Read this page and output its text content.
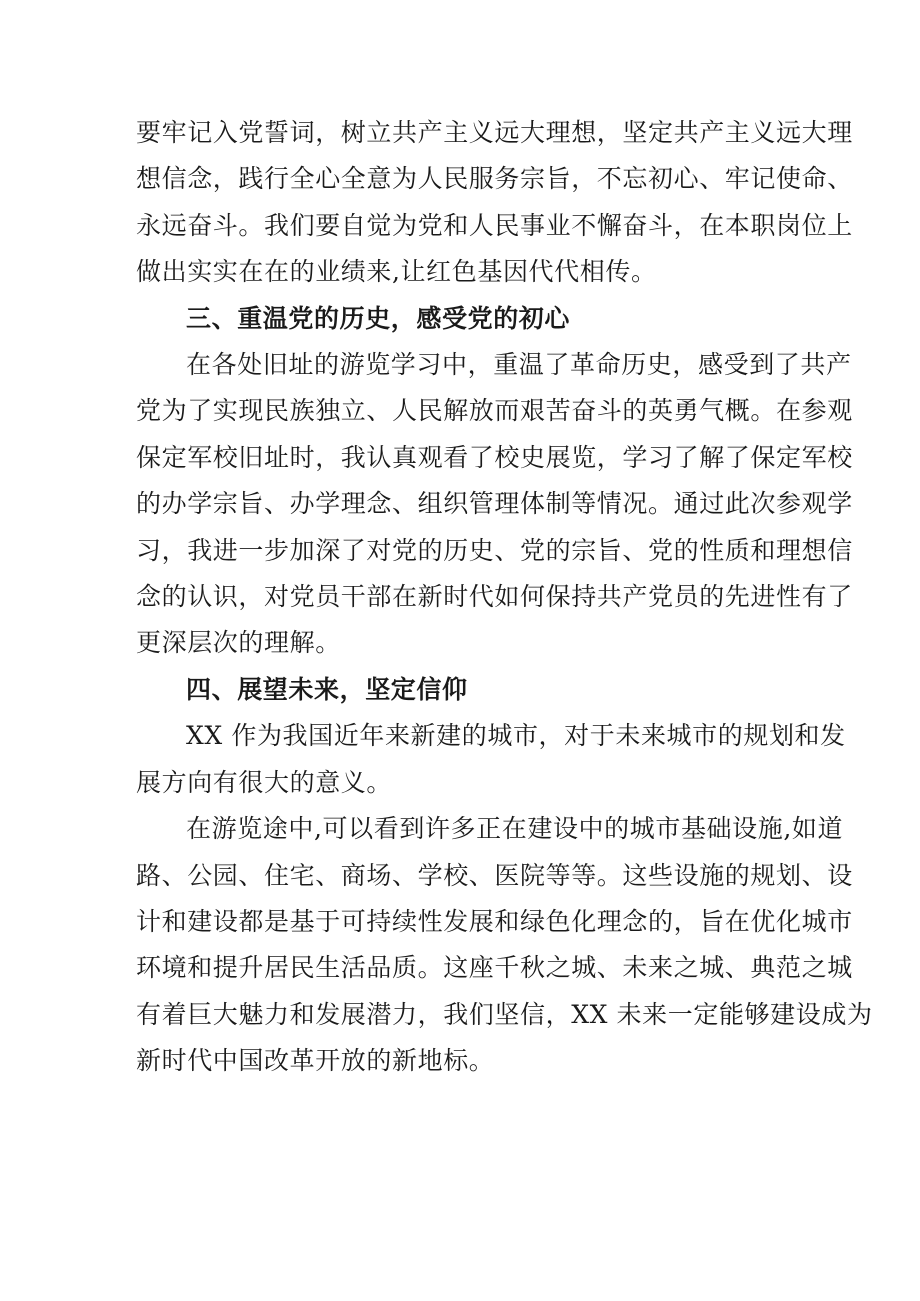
要牢记入党誓词，树立共产主义远大理想，坚定共产主义远大理
想信念，践行全心全意为人民服务宗旨，不忘初心、牢记使命、
永远奋斗。我们要自觉为党和人民事业不懈奋斗，在本职岗位上
做出实实在在的业绩来,让红色基因代代相传。
三、重温党的历史，感受党的初心
在各处旧址的游览学习中，重温了革命历史，感受到了共产
党为了实现民族独立、人民解放而艰苦奋斗的英勇气概。在参观
保定军校旧址时，我认真观看了校史展览，学习了解了保定军校
的办学宗旨、办学理念、组织管理体制等情况。通过此次参观学
习，我进一步加深了对党的历史、党的宗旨、党的性质和理想信
念的认识，对党员干部在新时代如何保持共产党员的先进性有了
更深层次的理解。
四、展望未来，坚定信仰
XX 作为我国近年来新建的城市，对于未来城市的规划和发
展方向有很大的意义。
在游览途中,可以看到许多正在建设中的城市基础设施,如道
路、公园、住宅、商场、学校、医院等等。这些设施的规划、设
计和建设都是基于可持续性发展和绿色化理念的，旨在优化城市
环境和提升居民生活品质。这座千秋之城、未来之城、典范之城
有着巨大魅力和发展潜力，我们坚信，XX 未来一定能够建设成为
新时代中国改革开放的新地标。
